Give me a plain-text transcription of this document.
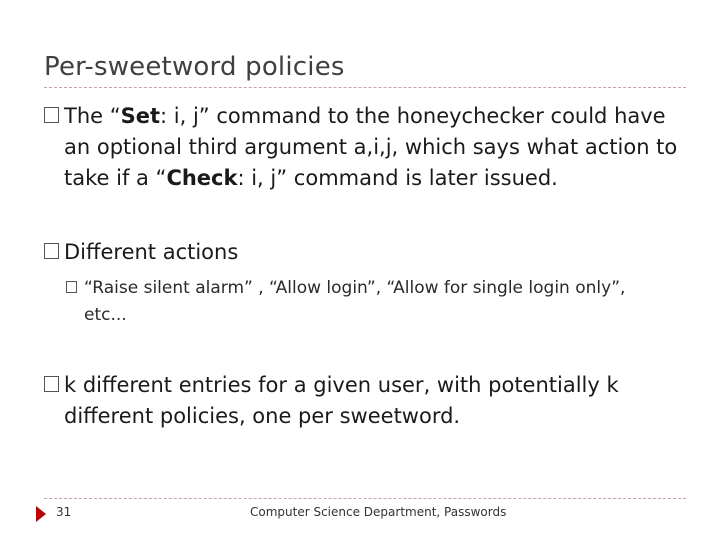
Per-sweetword policies
The “Set: i, j” command to the honeychecker could have an optional third argument a,i,j, which says what action to take if a “Check: i, j” command is later issued.
Different actions
“Raise silent alarm” , “Allow login”, “Allow for single login only”, etc...
k different entries for a given user, with potentially k different policies, one per sweetword.
31	Computer Science Department, Passwords
